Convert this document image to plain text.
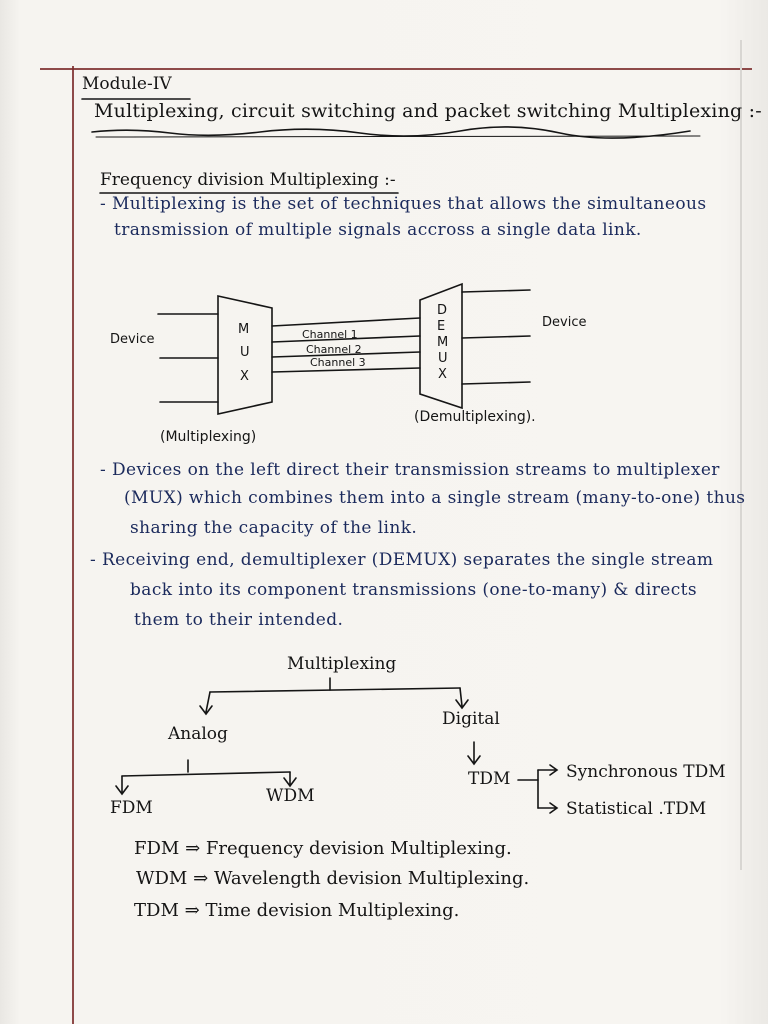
Module-IV
Multiplexing, circuit switching and packet switching Multiplexing :-
Frequency division Multiplexing :-
- Multiplexing is the set of techniques that allows the simultaneous
transmission of multiple signals accross a single data link.
Device
Device
M
U
X
D
E
M
U
X
Channel 1
Channel 2
Channel 3
(Multiplexing)
(Demultiplexing).
- Devices on the left direct their transmission streams to multiplexer
(MUX) which combines them into a single stream (many-to-one) thus
sharing the capacity of the link.
- Receiving end, demultiplexer (DEMUX) separates the single stream
back into its component transmissions (one-to-many) & directs
them to their intended.
Multiplexing
Analog
Digital
FDM
WDM
TDM	Synchronous TDM
Statistical .TDM
FDM ⇒ Frequency devision Multiplexing.
WDM ⇒ Wavelength devision Multiplexing.
TDM ⇒ Time devision Multiplexing.
